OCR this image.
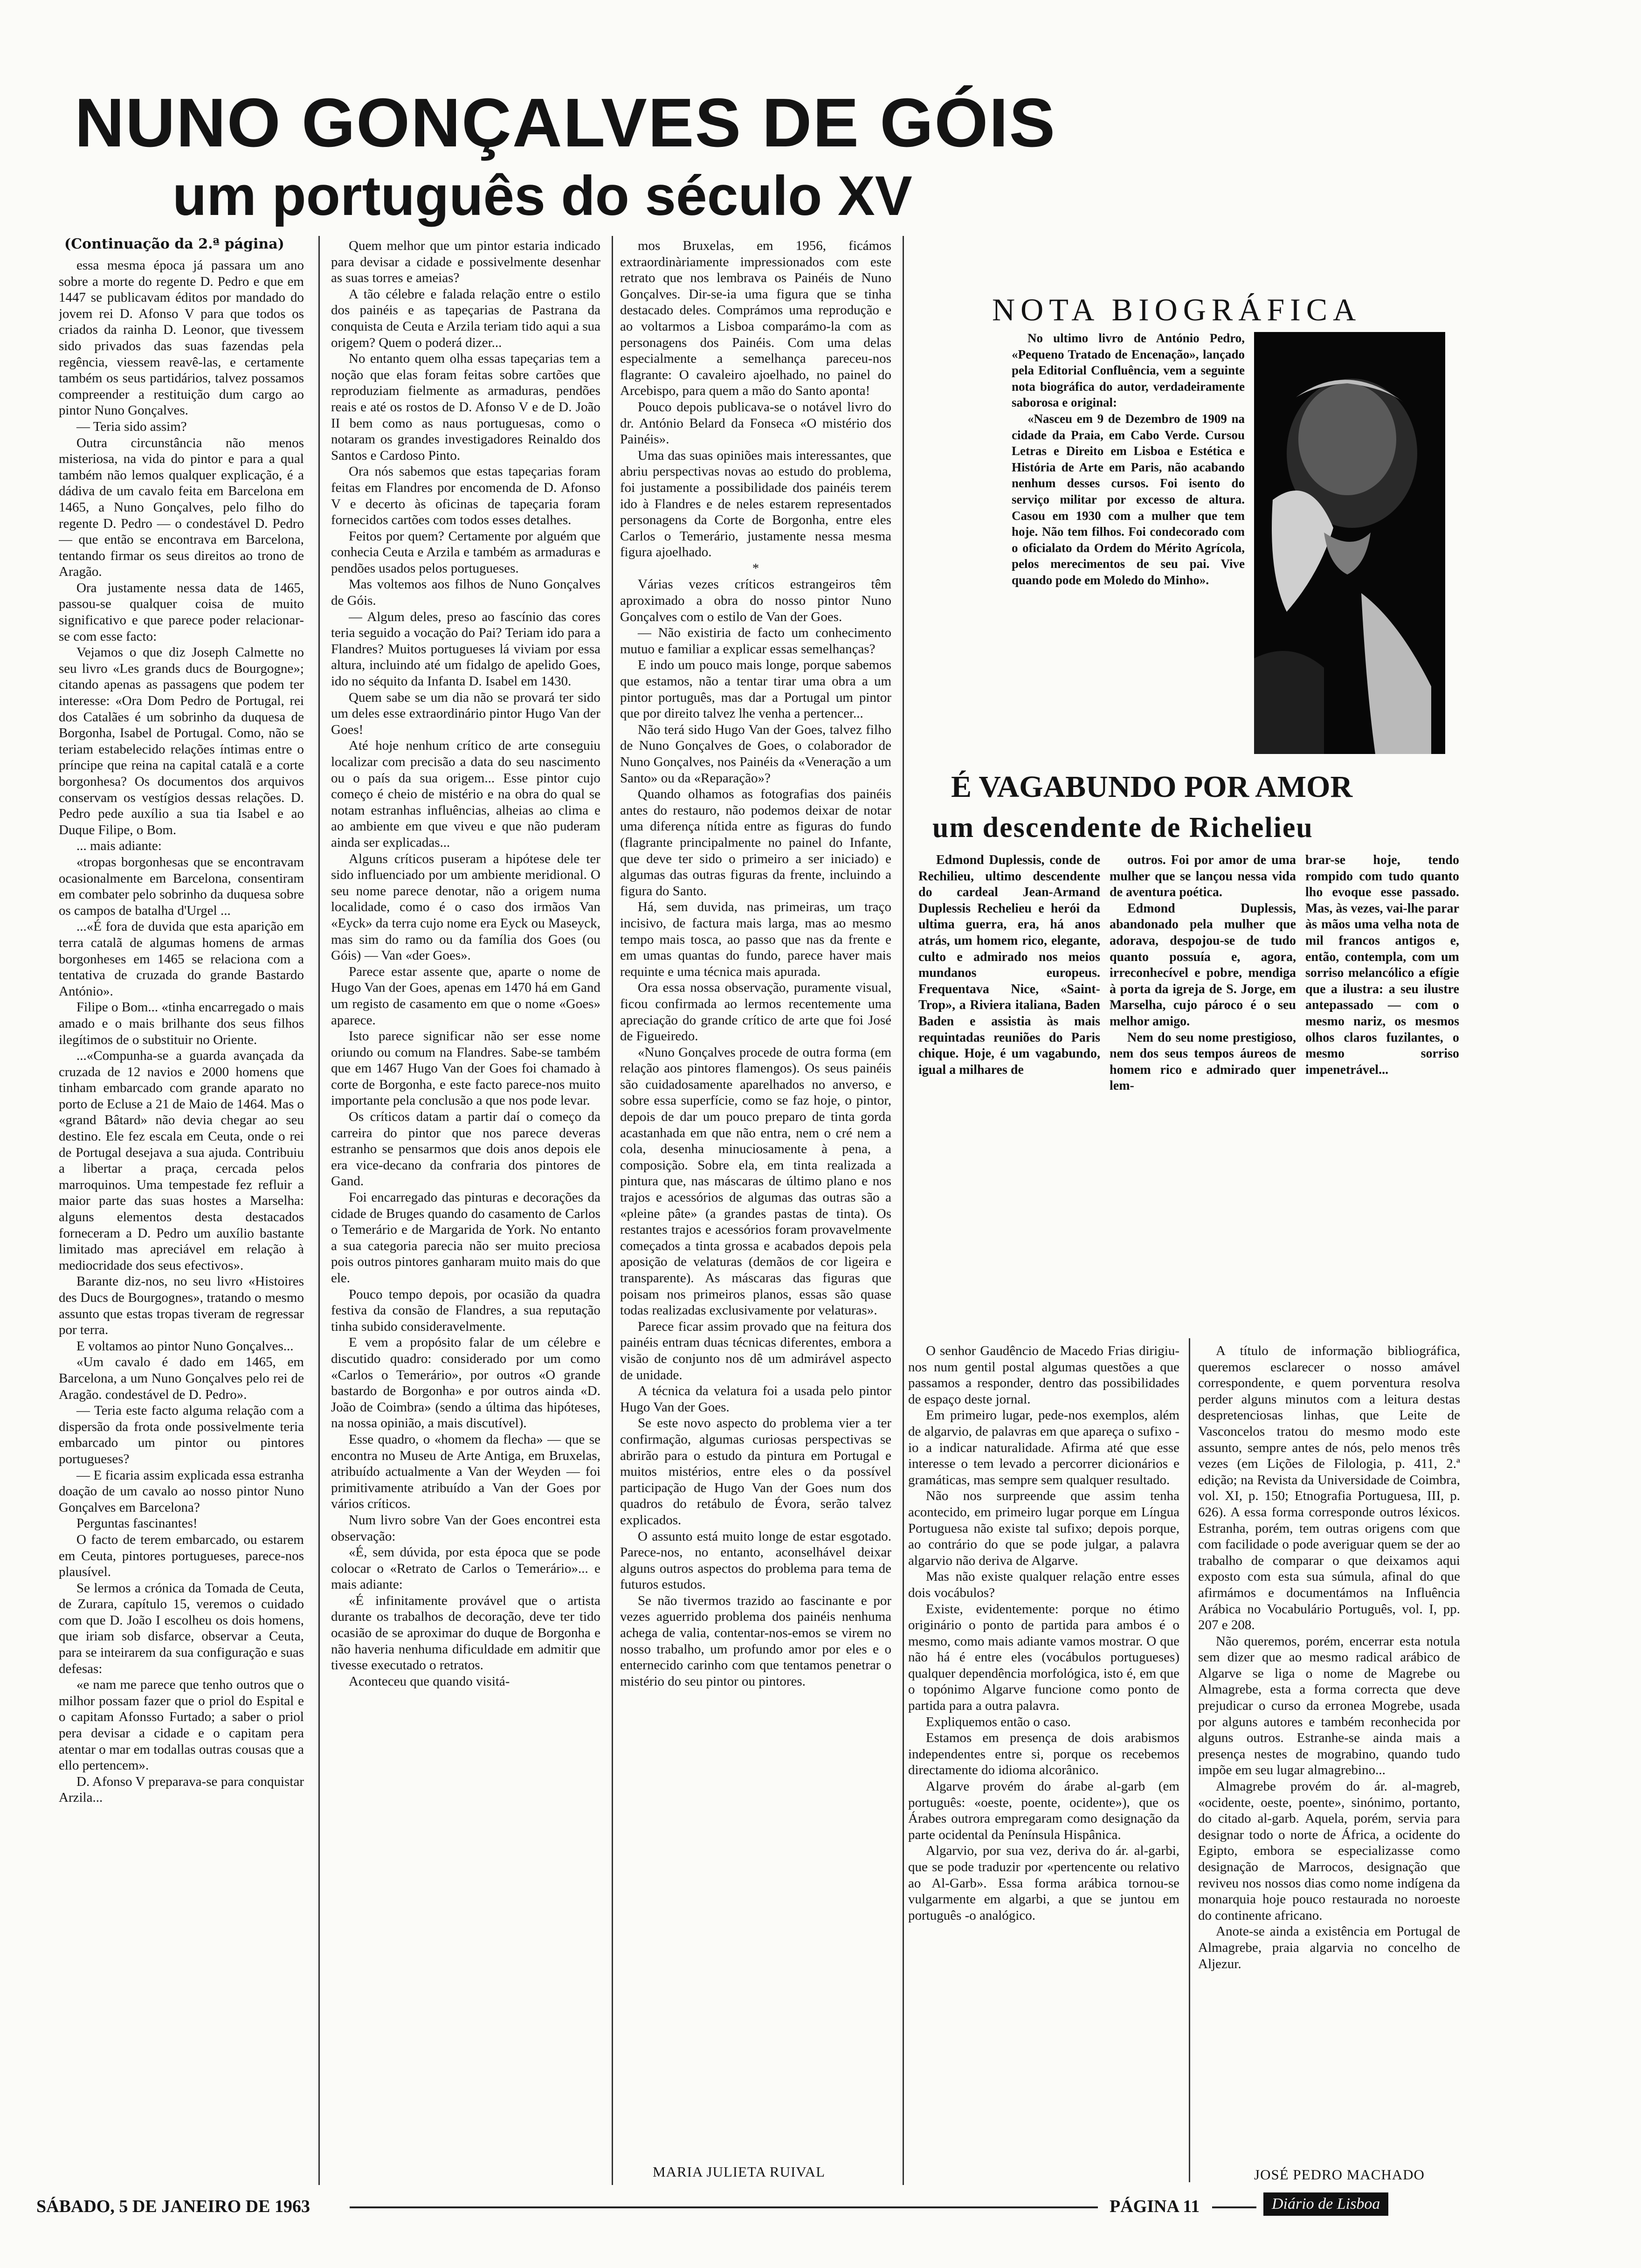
NUNO GONÇALVES DE GÓIS
um português do século XV
(Continuação da 2.ª página)

essa mesma época já passara um ano sobre a morte do regente D. Pedro e que em 1447 se publicavam éditos por mandado do jovem rei D. Afonso V para que todos os criados da rainha D. Leonor, que tivessem sido privados das suas fazendas pela regência, viessem reavê-las, e certamente também os seus partidários, talvez possamos compreender a restituição dum cargo ao pintor Nuno Gonçalves.

— Teria sido assim?

Outra circunstância não menos misteriosa, na vida do pintor e para a qual também não lemos qualquer explicação, é a dádiva de um cavalo feita em Barcelona em 1465, a Nuno Gonçalves, pelo filho do regente D. Pedro — o condestável D. Pedro — que então se encontrava em Barcelona, tentando firmar os seus direitos ao trono de Aragão.

Ora justamente nessa data de 1465, passou-se qualquer coisa de muito significativo e que parece poder relacionar-se com esse facto:

Vejamos o que diz Joseph Calmette no seu livro «Les grands ducs de Bourgogne»; citando apenas as passagens que podem ter interesse: «Ora Dom Pedro de Portugal, rei dos Catalães é um sobrinho da duquesa de Borgonha, Isabel de Portugal. Como, não se teriam estabelecido relações íntimas entre o príncipe que reina na capital catalã e a corte borgonhesa? Os documentos dos arquivos conservam os vestígios dessas relações. D. Pedro pede auxílio a sua tia Isabel e ao Duque Filipe, o Bom.

... mais adiante:

«tropas borgonhesas que se encontravam ocasionalmente em Barcelona, consentiram em combater pelo sobrinho da duquesa sobre os campos de batalha d'Urgel ...

...«É fora de duvida que esta aparição em terra catalã de algumas homens de armas borgonheses em 1465 se relaciona com a tentativa de cruzada do grande Bastardo António».

Filipe o Bom... «tinha encarregado o mais amado e o mais brilhante dos seus filhos ilegítimos de o substituir no Oriente.

...«Compunha-se a guarda avançada da cruzada de 12 navios e 2000 homens que tinham embarcado com grande aparato no porto de Ecluse a 21 de Maio de 1464. Mas o «grand Bâtard» não devia chegar ao seu destino. Ele fez escala em Ceuta, onde o rei de Portugal desejava a sua ajuda. Contribuiu a libertar a praça, cercada pelos marroquinos. Uma tempestade fez refluir a maior parte das suas hostes a Marselha: alguns elementos desta destacados forneceram a D. Pedro um auxílio bastante limitado mas apreciável em relação à mediocridade dos seus efectivos».

Barante diz-nos, no seu livro «Histoires des Ducs de Bourgognes», tratando o mesmo assunto que estas tropas tiveram de regressar por terra.

E voltamos ao pintor Nuno Gonçalves...

«Um cavalo é dado em 1465, em Barcelona, a um Nuno Gonçalves pelo rei de Aragão. condestável de D. Pedro».

— Teria este facto alguma relação com a dispersão da frota onde possivelmente teria embarcado um pintor ou pintores portugueses?

— E ficaria assim explicada essa estranha doação de um cavalo ao nosso pintor Nuno Gonçalves em Barcelona?

Perguntas fascinantes!

O facto de terem embarcado, ou estarem em Ceuta, pintores portugueses, parece-nos plausível.

Se lermos a crónica da Tomada de Ceuta, de Zurara, capítulo 15, veremos o cuidado com que D. João I escolheu os dois homens, que iriam sob disfarce, observar a Ceuta, para se inteirarem da sua configuração e suas defesas:

«e nam me parece que tenho outros que o milhor possam fazer que o priol do Espital e o capitam Afonsso Furtado; a saber o priol pera devisar a cidade e o capitam pera atentar o mar em todallas outras cousas que a ello pertencem».

D. Afonso V preparava-se para conquistar Arzila...

Quem melhor que um pintor estaria indicado para devisar a cidade e possivelmente desenhar as suas torres e ameias?

A tão célebre e falada relação entre o estilo dos painéis e as tapeçarias de Pastrana da conquista de Ceuta e Arzila teriam tido aqui a sua origem? Quem o poderá dizer...

No entanto quem olha essas tapeçarias tem a noção que elas foram feitas sobre cartões que reproduziam fielmente as armaduras, pendões reais e até os rostos de D. Afonso V e de D. João II bem como as naus portuguesas, como o notaram os grandes investigadores Reinaldo dos Santos e Cardoso Pinto.

Ora nós sabemos que estas tapeçarias foram feitas em Flandres por encomenda de D. Afonso V e decerto às oficinas de tapeçaria foram fornecidos cartões com todos esses detalhes.

Feitos por quem? Certamente por alguém que conhecia Ceuta e Arzila e também as armaduras e pendões usados pelos portugueses.

Mas voltemos aos filhos de Nuno Gonçalves de Góis.

— Algum deles, preso ao fascínio das cores teria seguido a vocação do Pai? Teriam ido para a Flandres? Muitos portugueses lá viviam por essa altura, incluindo até um fidalgo de apelido Goes, ido no séquito da Infanta D. Isabel em 1430.

Quem sabe se um dia não se provará ter sido um deles esse extraordinário pintor Hugo Van der Goes!

Até hoje nenhum crítico de arte conseguiu localizar com precisão a data do seu nascimento ou o país da sua origem... Esse pintor cujo começo é cheio de mistério e na obra do qual se notam estranhas influências, alheias ao clima e ao ambiente em que viveu e que não puderam ainda ser explicadas...

Alguns críticos puseram a hipótese dele ter sido influenciado por um ambiente meridional. O seu nome parece denotar, não a origem numa localidade, como é o caso dos irmãos Van «Eyck» da terra cujo nome era Eyck ou Maseyck, mas sim do ramo ou da família dos Goes (ou Góis) — Van «der Goes».

Parece estar assente que, aparte o nome de Hugo Van der Goes, apenas em 1470 há em Gand um registo de casamento em que o nome «Goes» aparece.

Isto parece significar não ser esse nome oriundo ou comum na Flandres. Sabe-se também que em 1467 Hugo Van der Goes foi chamado à corte de Borgonha, e este facto parece-nos muito importante pela conclusão a que nos pode levar.

Os críticos datam a partir daí o começo da carreira do pintor que nos parece deveras estranho se pensarmos que dois anos depois ele era vice-decano da confraria dos pintores de Gand.

Foi encarregado das pinturas e decorações da cidade de Bruges quando do casamento de Carlos o Temerário e de Margarida de York. No entanto a sua categoria parecia não ser muito preciosa pois outros pintores ganharam muito mais do que ele.

Pouco tempo depois, por ocasião da quadra festiva da consão de Flandres, a sua reputação tinha subido consideravelmente.

E vem a propósito falar de um célebre e discutido quadro: considerado por um como «Carlos o Temerário», por outros «O grande bastardo de Borgonha» e por outros ainda «D. João de Coimbra» (sendo a última das hipóteses, na nossa opinião, a mais discutível).

Esse quadro, o «homem da flecha» — que se encontra no Museu de Arte Antiga, em Bruxelas, atribuído actualmente a Van der Weyden — foi primitivamente atribuído a Van der Goes por vários críticos.

Num livro sobre Van der Goes encontrei esta observação:

«É, sem dúvida, por esta época que se pode colocar o «Retrato de Carlos o Temerário»... e mais adiante:

«É infinitamente provável que o artista durante os trabalhos de decoração, deve ter tido ocasião de se aproximar do duque de Borgonha e não haveria nenhuma dificuldade em admitir que tivesse executado o retratos.

Aconteceu que quando visitá-

mos Bruxelas, em 1956, ficámos extraordinàriamente impressionados com este retrato que nos lembrava os Painéis de Nuno Gonçalves. Dir-se-ia uma figura que se tinha destacado deles. Comprámos uma reprodução e ao voltarmos a Lisboa comparámo-la com as personagens dos Painéis. Com uma delas especialmente a semelhança pareceu-nos flagrante: O cavaleiro ajoelhado, no painel do Arcebispo, para quem a mão do Santo aponta!

Pouco depois publicava-se o notável livro do dr. António Belard da Fonseca «O mistério dos Painéis».

Uma das suas opiniões mais interessantes, que abriu perspectivas novas ao estudo do problema, foi justamente a possibilidade dos painéis terem ido à Flandres e de neles estarem representados personagens da Corte de Borgonha, entre eles Carlos o Temerário, justamente nessa mesma figura ajoelhado.

*

Várias vezes críticos estrangeiros têm aproximado a obra do nosso pintor Nuno Gonçalves com o estilo de Van der Goes.

— Não existiria de facto um conhecimento mutuo e familiar a explicar essas semelhanças?

E indo um pouco mais longe, porque sabemos que estamos, não a tentar tirar uma obra a um pintor português, mas dar a Portugal um pintor que por direito talvez lhe venha a pertencer...

Não terá sido Hugo Van der Goes, talvez filho de Nuno Gonçalves de Goes, o colaborador de Nuno Gonçalves, nos Painéis da «Veneração a um Santo» ou da «Reparação»?

Quando olhamos as fotografias dos painéis antes do restauro, não podemos deixar de notar uma diferença nítida entre as figuras do fundo (flagrante principalmente no painel do Infante, que deve ter sido o primeiro a ser iniciado) e algumas das outras figuras da frente, incluindo a figura do Santo.

Há, sem duvida, nas primeiras, um traço incisivo, de factura mais larga, mas ao mesmo tempo mais tosca, ao passo que nas da frente e em umas quantas do fundo, parece haver mais requinte e uma técnica mais apurada.

Ora essa nossa observação, puramente visual, ficou confirmada ao lermos recentemente uma apreciação do grande crítico de arte que foi José de Figueiredo.

«Nuno Gonçalves procede de outra forma (em relação aos pintores flamengos). Os seus painéis são cuidadosamente aparelhados no anverso, e sobre essa superfície, como se faz hoje, o pintor, depois de dar um pouco preparo de tinta gorda acastanhada em que não entra, nem o cré nem a cola, desenha minuciosamente à pena, a composição. Sobre ela, em tinta realizada a pintura que, nas máscaras de último plano e nos trajos e acessórios de algumas das outras são a «pleine pâte» (a grandes pastas de tinta). Os restantes trajos e acessórios foram provavelmente começados a tinta grossa e acabados depois pela aposição de velaturas (demãos de cor ligeira e transparente). As máscaras das figuras que poisam nos primeiros planos, essas são quase todas realizadas exclusivamente por velaturas».

Parece ficar assim provado que na feitura dos painéis entram duas técnicas diferentes, embora a visão de conjunto nos dê um admirável aspecto de unidade.

A técnica da velatura foi a usada pelo pintor Hugo Van der Goes.

Se este novo aspecto do problema vier a ter confirmação, algumas curiosas perspectivas se abrirão para o estudo da pintura em Portugal e muitos mistérios, entre eles o da possível participação de Hugo Van der Goes num dos quadros do retábulo de Évora, serão talvez explicados.

O assunto está muito longe de estar esgotado. Parece-nos, no entanto, aconselhável deixar alguns outros aspectos do problema para tema de futuros estudos.

Se não tivermos trazido ao fascinante e por vezes aguerrido problema dos painéis nenhuma achega de valia, contentar-nos-emos se virem no nosso trabalho, um profundo amor por eles e o enternecido carinho com que tentamos penetrar o mistério do seu pintor ou pintores.

MARIA JULIETA RUIVAL
NOTA BIOGRÁFICA

No ultimo livro de António Pedro, «Pequeno Tratado de Encenação», lançado pela Editorial Confluência, vem a seguinte nota biográfica do autor, verdadeiramente saborosa e original:

«Nasceu em 9 de Dezembro de 1909 na cidade da Praia, em Cabo Verde. Cursou Letras e Direito em Lisboa e Estética e História de Arte em Paris, não acabando nenhum desses cursos. Foi isento do serviço militar por excesso de altura. Casou em 1930 com a mulher que tem hoje. Não tem filhos. Foi condecorado com o oficialato da Ordem do Mérito Agrícola, pelos merecimentos de seu pai. Vive quando pode em Moledo do Minho».

É VAGABUNDO POR AMOR
um descendente de Richelieu

Edmond Duplessis, conde de Rechilieu, ultimo descendente do cardeal Jean-Armand Duplessis Rechelieu e herói da ultima guerra, era, há anos atrás, um homem rico, elegante, culto e admirado nos meios mundanos europeus. Frequentava Nice, «Saint-Trop», a Riviera italiana, Baden Baden e assistia às mais requintadas reuniões do Paris chique. Hoje, é um vagabundo, igual a milhares de

outros. Foi por amor de uma mulher que se lançou nessa vida de aventura poética.

Edmond Duplessis, abandonado pela mulher que adorava, despojou-se de tudo quanto possuía e, agora, irreconhecível e pobre, mendiga à porta da igreja de S. Jorge, em Marselha, cujo pároco é o seu melhor amigo.

Nem do seu nome prestigioso, nem dos seus tempos áureos de homem rico e admirado quer lem-

brar-se hoje, tendo rompido com tudo quanto lho evoque esse passado. Mas, às vezes, vai-lhe parar às mãos uma velha nota de mil francos antigos e, então, contempla, com um sorriso melancólico a efígie que a ilustra: a seu ilustre antepassado — com o mesmo nariz, os mesmos olhos claros fuzilantes, o mesmo sorriso impenetrável...

O senhor Gaudêncio de Macedo Frias dirigiu-nos num gentil postal algumas questões a que passamos a responder, dentro das possibilidades de espaço deste jornal.

Em primeiro lugar, pede-nos exemplos, além de algarvio, de palavras em que apareça o sufixo -io a indicar naturalidade. Afirma até que esse interesse o tem levado a percorrer dicionários e gramáticas, mas sempre sem qualquer resultado.

Não nos surpreende que assim tenha acontecido, em primeiro lugar porque em Língua Portuguesa não existe tal sufixo; depois porque, ao contrário do que se pode julgar, a palavra algarvio não deriva de Algarve.

Mas não existe qualquer relação entre esses dois vocábulos?

Existe, evidentemente: porque no étimo originário o ponto de partida para ambos é o mesmo, como mais adiante vamos mostrar. O que não há é entre eles (vocábulos portugueses) qualquer dependência morfológica, isto é, em que o topónimo Algarve funcione como ponto de partida para a outra palavra.

Expliquemos então o caso.

Estamos em presença de dois arabismos independentes entre si, porque os recebemos directamente do idioma alcorânico.

Algarve provém do árabe al-garb (em português: «oeste, poente, ocidente»), que os Árabes outrora empregaram como designação da parte ocidental da Península Hispânica.

Algarvio, por sua vez, deriva do ár. al-garbi, que se pode traduzir por «pertencente ou relativo ao Al-Garb». Essa forma arábica tornou-se vulgarmente em algarbi, a que se juntou em português -o analógico.

A título de informação bibliográfica, queremos esclarecer o nosso amável correspondente, e quem porventura resolva perder alguns minutos com a leitura destas despretenciosas linhas, que Leite de Vasconcelos tratou do mesmo modo este assunto, sempre antes de nós, pelo menos três vezes (em Lições de Filologia, p. 411, 2.ª edição; na Revista da Universidade de Coimbra, vol. XI, p. 150; Etnografia Portuguesa, III, p. 626). A essa forma corresponde outros léxicos. Estranha, porém, tem outras origens com que com facilidade o pode averiguar quem se der ao trabalho de comparar o que deixamos aqui exposto com esta sua súmula, afinal do que afirmámos e documentámos na Influência Arábica no Vocabulário Português, vol. I, pp. 207 e 208.

Não queremos, porém, encerrar esta notula sem dizer que ao mesmo radical arábico de Algarve se liga o nome de Magrebe ou Almagrebe, esta a forma correcta que deve prejudicar o curso da erronea Mogrebe, usada por alguns autores e também reconhecida por alguns outros. Estranhe-se ainda mais a presença nestes de mograbino, quando tudo impõe em seu lugar almagrebino...

Almagrebe provém do ár. al-magreb, «ocidente, oeste, poente», sinónimo, portanto, do citado al-garb. Aquela, porém, servia para designar todo o norte de África, a ocidente do Egipto, embora se especializasse como designação de Marrocos, designação que reviveu nos nossos dias como nome indígena da monarquia hoje pouco restaurada no noroeste do continente africano.

Anote-se ainda a existência em Portugal de Almagrebe, praia algarvia no concelho de Aljezur.

JOSÉ PEDRO MACHADO
SÁBADO, 5 DE JANEIRO DE 1963	PÁGINA 11	Diário de Lisboa
